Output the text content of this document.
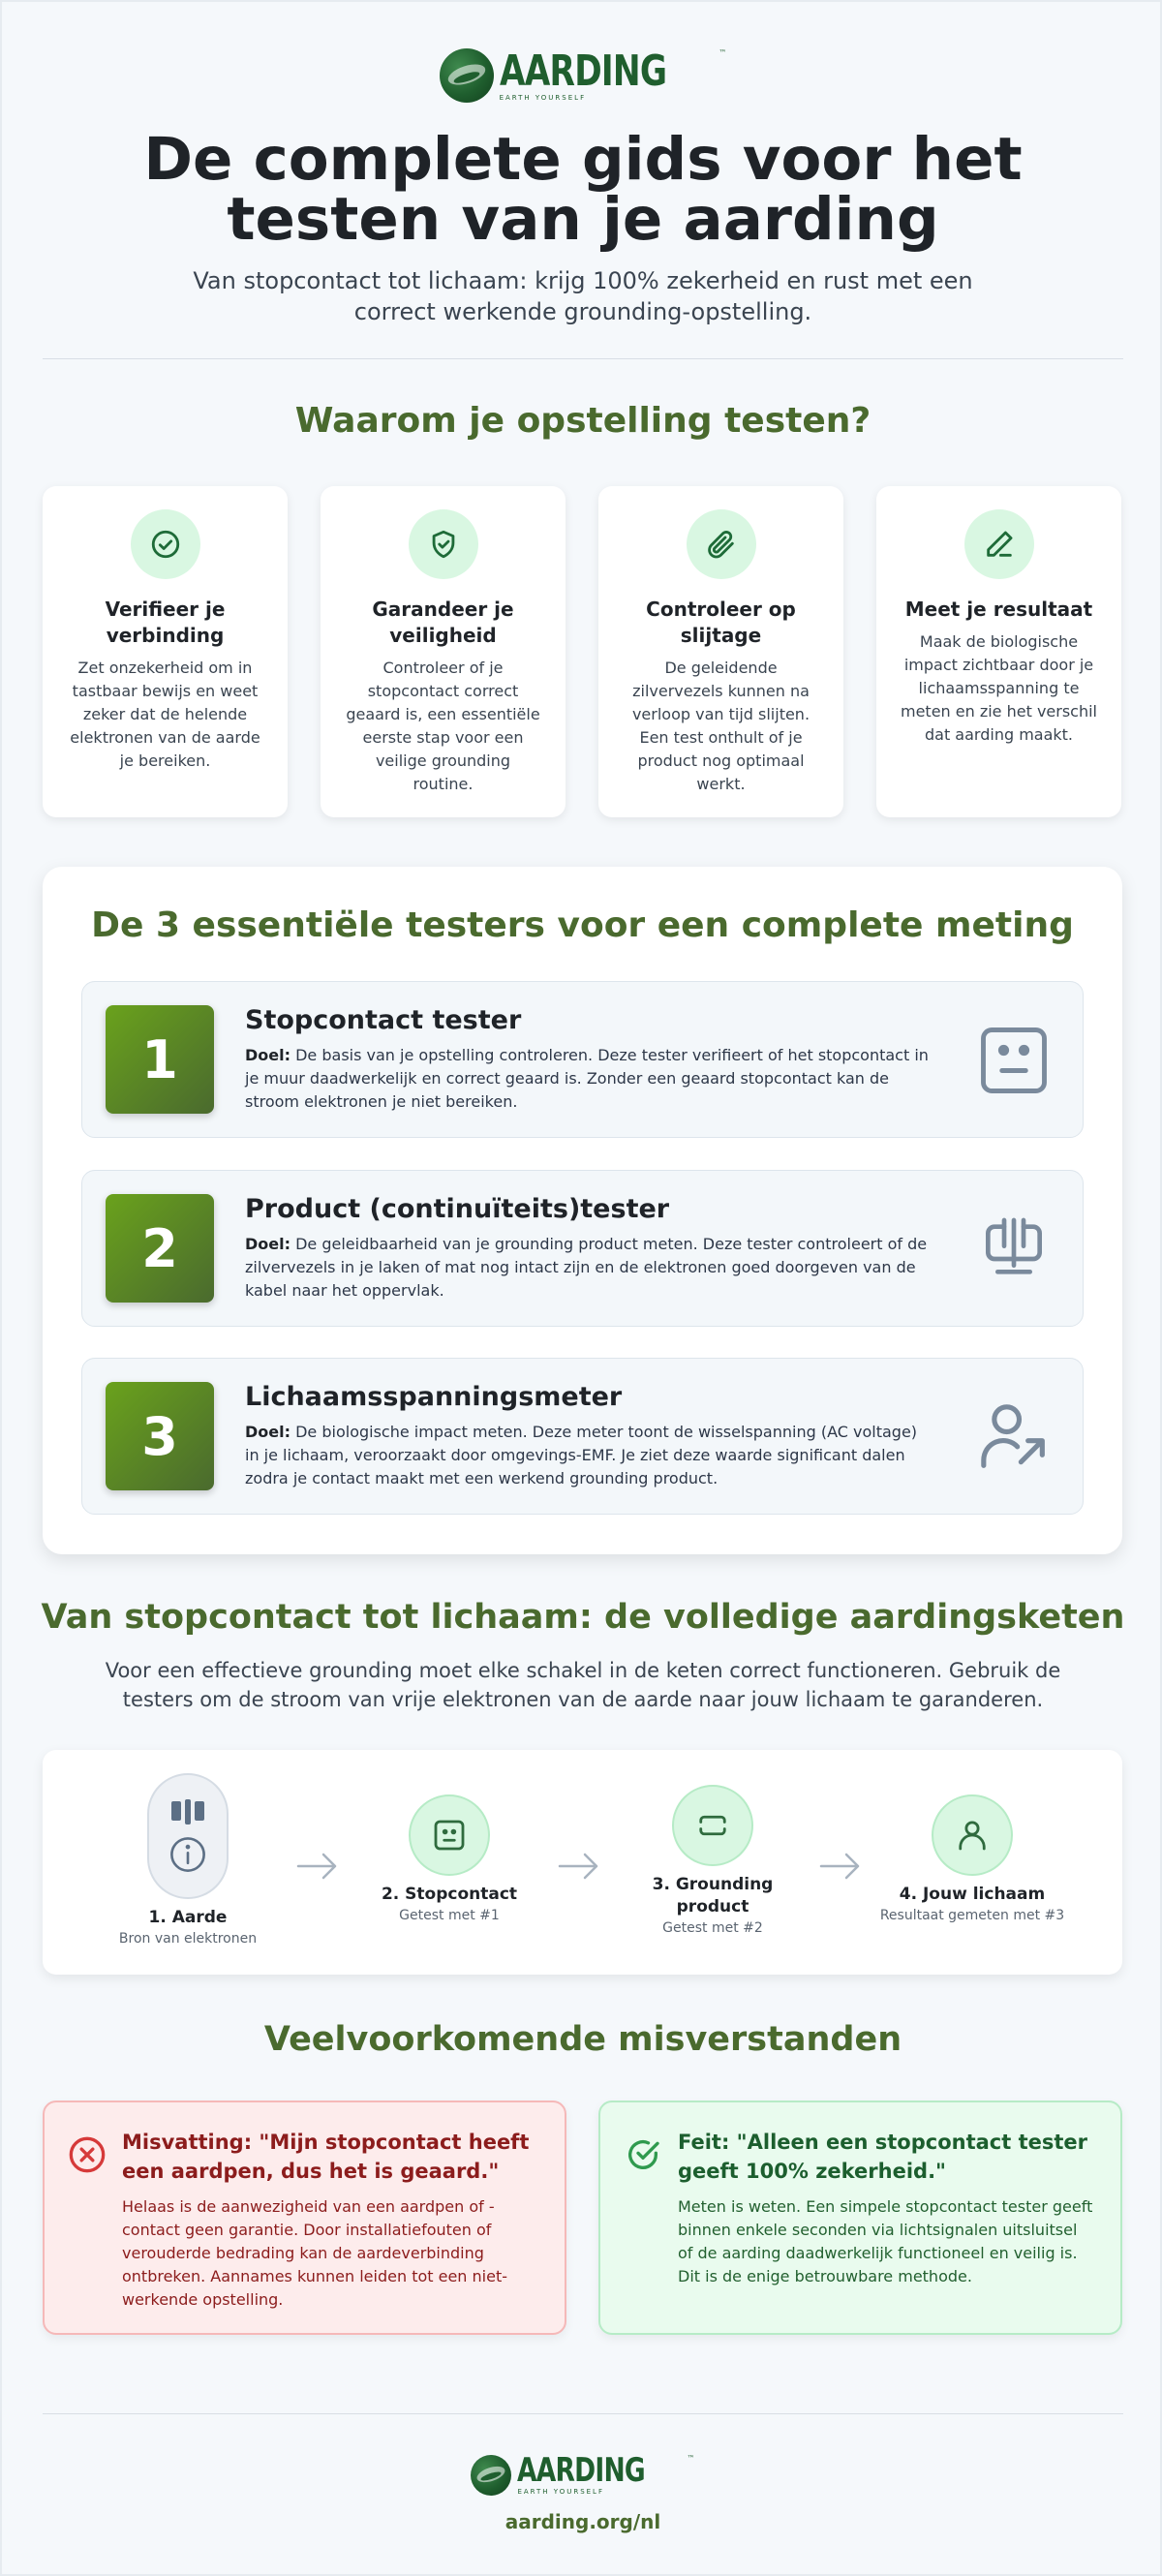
AARDING
EARTH YOURSELF
™
De complete gids voor het testen van je aarding

Van stopcontact tot lichaam: krijg 100% zekerheid en rust met een correct werkende grounding-opstelling.

Waarom je opstelling testen?
Verifieer je verbinding
Zet onzekerheid om in tastbaar bewijs en weet zeker dat de helende elektronen van de aarde je bereiken.
Garandeer je veiligheid
Controleer of je stopcontact correct geaard is, een essentiële eerste stap voor een veilige grounding routine.
Controleer op slijtage
De geleidende zilvervezels kunnen na verloop van tijd slijten. Een test onthult of je product nog optimaal werkt.
Meet je resultaat
Maak de biologische impact zichtbaar door je lichaamsspanning te meten en zie het verschil dat aarding maakt.
De 3 essentiële testers voor een complete meting
1
Stopcontact tester
Doel: De basis van je opstelling controleren. Deze tester verifieert of het stopcontact in je muur daadwerkelijk en correct geaard is. Zonder een geaard stopcontact kan de stroom elektronen je niet bereiken.
2
Product (continuïteits)tester
Doel: De geleidbaarheid van je grounding product meten. Deze tester controleert of de zilvervezels in je laken of mat nog intact zijn en de elektronen goed doorgeven van de kabel naar het oppervlak.
3
Lichaamsspanningsmeter
Doel: De biologische impact meten. Deze meter toont de wisselspanning (AC voltage) in je lichaam, veroorzaakt door omgevings-EMF. Je ziet deze waarde significant dalen zodra je contact maakt met een werkend grounding product.
Van stopcontact tot lichaam: de volledige aardingsketen

Voor een effectieve grounding moet elke schakel in de keten correct functioneren. Gebruik de testers om de stroom van vrije elektronen van de aarde naar jouw lichaam te garanderen.

1. Aarde
Bron van elektronen
2. Stopcontact
Getest met #1
3. Grounding product
Getest met #2
4. Jouw lichaam
Resultaat gemeten met #3
Veelvoorkomende misverstanden
Misvatting: "Mijn stopcontact heeft een aardpen, dus het is geaard."
Helaas is de aanwezigheid van een aardpen of -contact geen garantie. Door installatiefouten of verouderde bedrading kan de aardeverbinding ontbreken. Aannames kunnen leiden tot een niet-werkende opstelling.
Feit: "Alleen een stopcontact tester geeft 100% zekerheid."
Meten is weten. Een simpele stopcontact tester geeft binnen enkele seconden via lichtsignalen uitsluitsel of de aarding daadwerkelijk functioneel en veilig is. Dit is de enige betrouwbare methode.
AARDING
EARTH YOURSELF
™
aarding.org/nl
